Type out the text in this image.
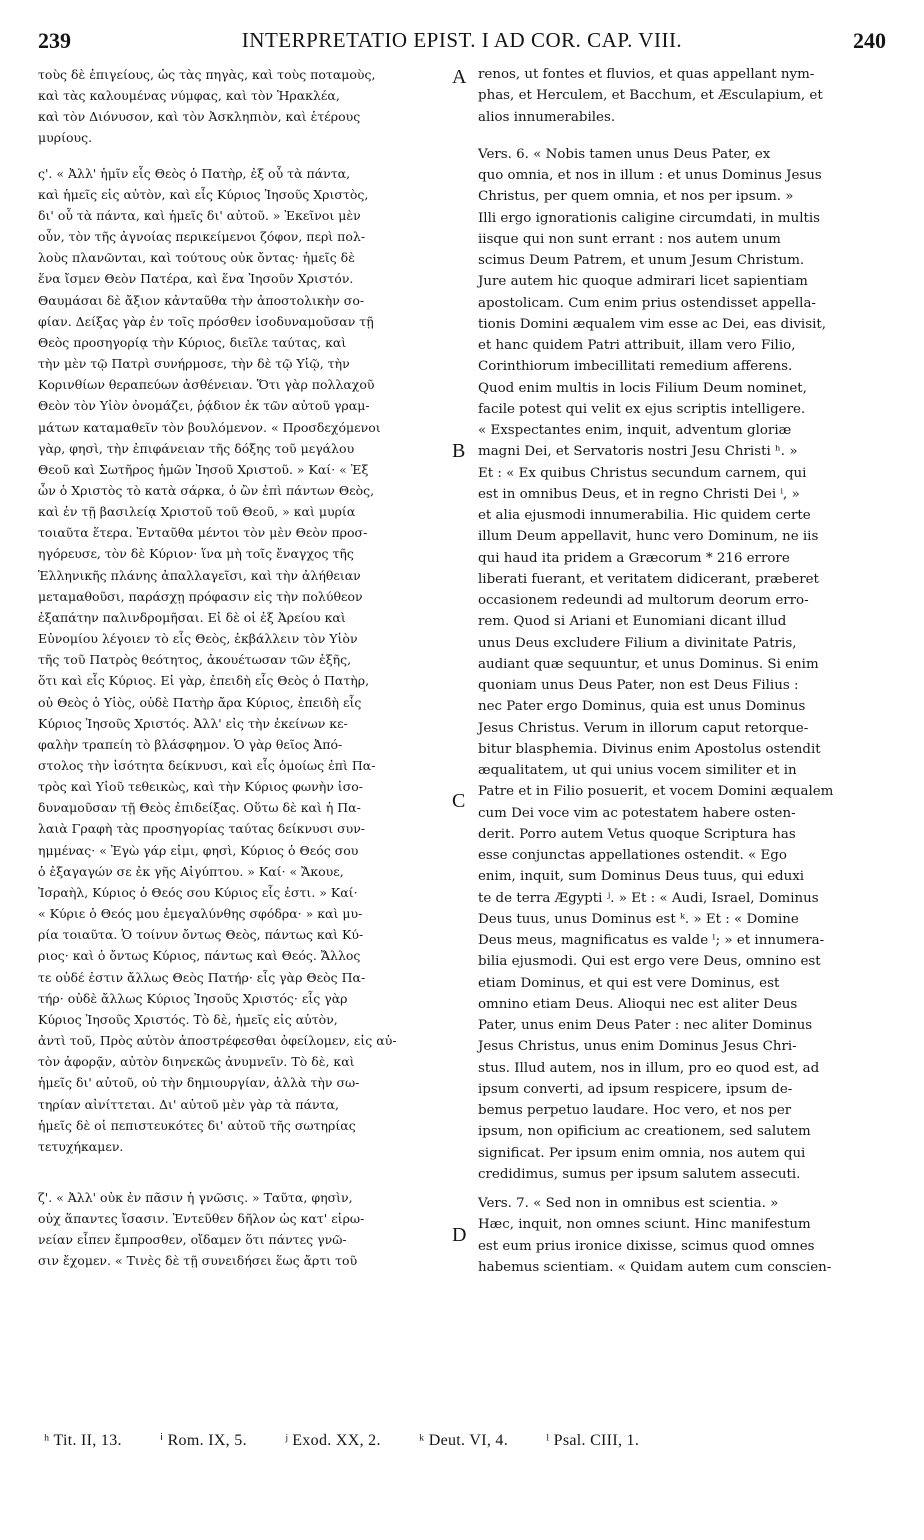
239	INTERPRETATIO EPIST. I AD COR. CAP. VIII.	240

τοὺς δὲ ἐπιγείους, ὡς τὰς πηγὰς, καὶ τοὺς ποταμοὺς,
καὶ τὰς καλουμένας νύμφας, καὶ τὸν Ἡρακλέα,
καὶ τὸν Διόνυσον, καὶ τὸν Ἀσκληπιὸν, καὶ ἑτέρους
μυρίους.

ς'. « Ἀλλ' ἡμῖν εἷς Θεὸς ὁ Πατὴρ, ἐξ οὗ τὰ πάντα,
καὶ ἡμεῖς εἰς αὐτὸν, καὶ εἷς Κύριος Ἰησοῦς Χριστὸς,
δι' οὗ τὰ πάντα, καὶ ἡμεῖς δι' αὐτοῦ. » Ἐκεῖνοι μὲν
οὖν, τὸν τῆς ἀγνοίας περικείμενοι ζόφον, περὶ πολ-
λοὺς πλανῶνται, καὶ τούτους οὐκ ὄντας· ἡμεῖς δὲ
ἕνα ἴσμεν Θεὸν Πατέρα, καὶ ἕνα Ἰησοῦν Χριστόν.
Θαυμάσαι δὲ ἄξιον κἀνταῦθα τὴν ἀποστολικὴν σο-
φίαν. Δείξας γὰρ ἐν τοῖς πρόσθεν ἰσοδυναμοῦσαν τῇ
Θεὸς προσηγορίᾳ τὴν Κύριος, διεῖλε ταύτας, καὶ
τὴν μὲν τῷ Πατρὶ συνήρμοσε, τὴν δὲ τῷ Υἱῷ, τὴν
Κορινθίων θεραπεύων ἀσθένειαν. Ὅτι γὰρ πολλαχοῦ
Θεὸν τὸν Υἱὸν ὀνομάζει, ῥᾴδιον ἐκ τῶν αὐτοῦ γραμ-
μάτων καταμαθεῖν τὸν βουλόμενον. « Προσδεχόμενοι
γὰρ, φησὶ, τὴν ἐπιφάνειαν τῆς δόξης τοῦ μεγάλου
Θεοῦ καὶ Σωτῆρος ἡμῶν Ἰησοῦ Χριστοῦ. » Καί· « Ἐξ
ὧν ὁ Χριστὸς τὸ κατὰ σάρκα, ὁ ὢν ἐπὶ πάντων Θεὸς,
καὶ ἐν τῇ βασιλείᾳ Χριστοῦ τοῦ Θεοῦ, » καὶ μυρία
τοιαῦτα ἕτερα. Ἐνταῦθα μέντοι τὸν μὲν Θεὸν προσ-
ηγόρευσε, τὸν δὲ Κύριον· ἵνα μὴ τοῖς ἔναγχος τῆς
Ἑλληνικῆς πλάνης ἀπαλλαγεῖσι, καὶ τὴν ἀλήθειαν
μεταμαθοῦσι, παράσχῃ πρόφασιν εἰς τὴν πολύθεον
ἐξαπάτην παλινδρομῆσαι. Εἰ δὲ οἱ ἐξ Ἀρείου καὶ
Εὐνομίου λέγοιεν τὸ εἷς Θεὸς, ἐκβάλλειν τὸν Υἱὸν
τῆς τοῦ Πατρὸς θεότητος, ἀκουέτωσαν τῶν ἑξῆς,
ὅτι καὶ εἷς Κύριος. Εἰ γὰρ, ἐπειδὴ εἷς Θεὸς ὁ Πατὴρ,
οὐ Θεὸς ὁ Υἱὸς, οὐδὲ Πατὴρ ἄρα Κύριος, ἐπειδὴ εἷς
Κύριος Ἰησοῦς Χριστός. Ἀλλ' εἰς τὴν ἐκείνων κε-
φαλὴν τραπείη τὸ βλάσφημον. Ὁ γὰρ θεῖος Ἀπό-
στολος τὴν ἰσότητα δείκνυσι, καὶ εἷς ὁμοίως ἐπὶ Πα-
τρὸς καὶ Υἱοῦ τεθεικὼς, καὶ τὴν Κύριος φωνὴν ἰσο-
δυναμοῦσαν τῇ Θεὸς ἐπιδείξας. Οὕτω δὲ καὶ ἡ Πα-
λαιὰ Γραφὴ τὰς προσηγορίας ταύτας δείκνυσι συν-
ημμένας· « Ἐγὼ γάρ εἰμι, φησὶ, Κύριος ὁ Θεός σου
ὁ ἐξαγαγών σε ἐκ γῆς Αἰγύπτου. » Καί· « Ἄκουε,
Ἰσραὴλ, Κύριος ὁ Θεός σου Κύριος εἷς ἐστι. » Καί·
« Κύριε ὁ Θεός μου ἐμεγαλύνθης σφόδρα· » καὶ μυ-
ρία τοιαῦτα. Ὁ τοίνυν ὄντως Θεὸς, πάντως καὶ Κύ-
ριος· καὶ ὁ ὄντως Κύριος, πάντως καὶ Θεός. Ἄλλος
τε οὐδέ ἐστιν ἄλλως Θεὸς Πατήρ· εἷς γὰρ Θεὸς Πα-
τήρ· οὐδὲ ἄλλως Κύριος Ἰησοῦς Χριστός· εἷς γὰρ
Κύριος Ἰησοῦς Χριστός. Τὸ δὲ, ἡμεῖς εἰς αὐτὸν,
ἀντὶ τοῦ, Πρὸς αὐτὸν ἀποστρέφεσθαι ὀφείλομεν, εἰς αὐ-
τὸν ἀφορᾷν, αὐτὸν διηνεκῶς ἀνυμνεῖν. Τὸ δὲ, καὶ
ἡμεῖς δι' αὐτοῦ, οὐ τὴν δημιουργίαν, ἀλλὰ τὴν σω-
τηρίαν αἰνίττεται. Δι' αὐτοῦ μὲν γὰρ τὰ πάντα,
ἡμεῖς δὲ οἱ πεπιστευκότες δι' αὐτοῦ τῆς σωτηρίας
τετυχήκαμεν.

ζ'. « Ἀλλ' οὐκ ἐν πᾶσιν ἡ γνῶσις. » Ταῦτα, φησὶν,
οὐχ ἅπαντες ἴσασιν. Ἐντεῦθεν δῆλον ὡς κατ' εἰρω-
νείαν εἶπεν ἔμπροσθεν, οἴδαμεν ὅτι πάντες γνῶ-
σιν ἔχομεν. « Τινὲς δὲ τῇ συνειδήσει ἕως ἄρτι τοῦ

A
B
C
D

renos, ut fontes et fluvios, et quas appellant nym-
phas, et Herculem, et Bacchum, et Æsculapium, et
alios innumerabiles.

Vers. 6. « Nobis tamen unus Deus Pater, ex
quo omnia, et nos in illum : et unus Dominus Jesus
Christus, per quem omnia, et nos per ipsum. »
Illi ergo ignorationis caligine circumdati, in multis
iisque qui non sunt errant : nos autem unum
scimus Deum Patrem, et unum Jesum Christum.
Jure autem hic quoque admirari licet sapientiam
apostolicam. Cum enim prius ostendisset appella-
tionis Domini æqualem vim esse ac Dei, eas divisit,
et hanc quidem Patri attribuit, illam vero Filio,
Corinthiorum imbecillitati remedium afferens.
Quod enim multis in locis Filium Deum nominet,
facile potest qui velit ex ejus scriptis intelligere.
« Exspectantes enim, inquit, adventum gloriæ
magni Dei, et Servatoris nostri Jesu Christi ʰ. »
Et : « Ex quibus Christus secundum carnem, qui
est in omnibus Deus, et in regno Christi Dei ⁱ, »
et alia ejusmodi innumerabilia. Hic quidem certe
illum Deum appellavit, hunc vero Dominum, ne iis
qui haud ita pridem a Græcorum * 216 errore
liberati fuerant, et veritatem didicerant, præberet
occasionem redeundi ad multorum deorum erro-
rem. Quod si Ariani et Eunomiani dicant illud
unus Deus excludere Filium a divinitate Patris,
audiant quæ sequuntur, et unus Dominus. Si enim
quoniam unus Deus Pater, non est Deus Filius :
nec Pater ergo Dominus, quia est unus Dominus
Jesus Christus. Verum in illorum caput retorque-
bitur blasphemia. Divinus enim Apostolus ostendit
æqualitatem, ut qui unius vocem similiter et in
Patre et in Filio posuerit, et vocem Domini æqualem
cum Dei voce vim ac potestatem habere osten-
derit. Porro autem Vetus quoque Scriptura has
esse conjunctas appellationes ostendit. « Ego
enim, inquit, sum Dominus Deus tuus, qui eduxi
te de terra Ægypti ʲ. » Et : « Audi, Israel, Dominus
Deus tuus, unus Dominus est ᵏ. » Et : « Domine
Deus meus, magnificatus es valde ˡ; » et innumera-
bilia ejusmodi. Qui est ergo vere Deus, omnino est
etiam Dominus, et qui est vere Dominus, est
omnino etiam Deus. Alioqui nec est aliter Deus
Pater, unus enim Deus Pater : nec aliter Dominus
Jesus Christus, unus enim Dominus Jesus Chri-
stus. Illud autem, nos in illum, pro eo quod est, ad
ipsum converti, ad ipsum respicere, ipsum de-
bemus perpetuo laudare. Hoc vero, et nos per
ipsum, non opificium ac creationem, sed salutem
significat. Per ipsum enim omnia, nos autem qui
credidimus, sumus per ipsum salutem assecuti.

Vers. 7. « Sed non in omnibus est scientia. »
Hæc, inquit, non omnes sciunt. Hinc manifestum
est eum prius ironice dixisse, scimus quod omnes
habemus scientiam. « Quidam autem cum conscien-

ʰ Tit. II, 13. ⁱ Rom. IX, 5. ʲ Exod. XX, 2. ᵏ Deut. VI, 4. ˡ Psal. CIII, 1.
